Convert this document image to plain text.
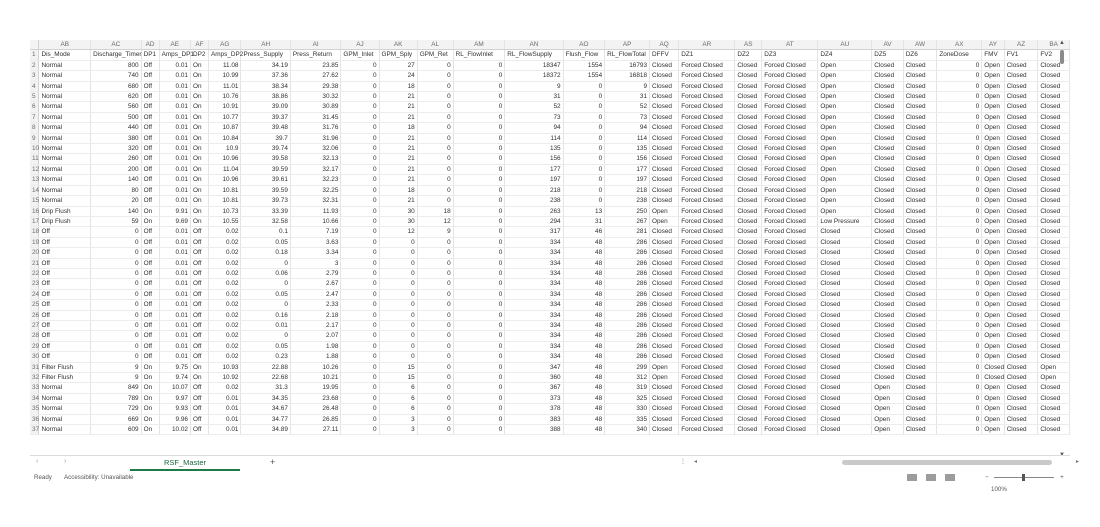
	AB	AC	AD	AE	AF	AG	AH	AI	AJ	AK	AL	AM	AN	AO	AP	AQ	AR	AS	AT	AU	AV	AW	AX	AY	AZ	BA
1	Dis_Mode	Discharge_Timer	DP1	Amps_DP1	DP2	Amps_DP2	Press_Supply	Press_Return	GPM_Inlet	GPM_Sply	GPM_Ret	RL_FlowInlet	RL_FlowSupply	Flush_Flow	RL_FlowTotal	DFFV	DZ1	DZ2	DZ3	DZ4	DZ5	DZ6	ZoneDose	FMV	FV1	FV2
2	Normal	800	Off	0.01	On	11.08	34.19	23.85	0	27	0	0	18347	1554	16793	Closed	Forced Closed	Closed	Forced Closed	Open	Closed	Closed	0	Open	Closed	Closed
3	Normal	740	Off	0.01	On	10.99	37.36	27.62	0	24	0	0	18372	1554	16818	Closed	Forced Closed	Closed	Forced Closed	Open	Closed	Closed	0	Open	Closed	Closed
4	Normal	680	Off	0.01	On	11.01	38.34	29.38	0	18	0	0	9	0	9	Closed	Forced Closed	Closed	Forced Closed	Open	Closed	Closed	0	Open	Closed	Closed
5	Normal	620	Off	0.01	On	10.76	38.86	30.32	0	21	0	0	31	0	31	Closed	Forced Closed	Closed	Forced Closed	Open	Closed	Closed	0	Open	Closed	Closed
6	Normal	560	Off	0.01	On	10.91	39.09	30.89	0	21	0	0	52	0	52	Closed	Forced Closed	Closed	Forced Closed	Open	Closed	Closed	0	Open	Closed	Closed
7	Normal	500	Off	0.01	On	10.77	39.37	31.45	0	21	0	0	73	0	73	Closed	Forced Closed	Closed	Forced Closed	Open	Closed	Closed	0	Open	Closed	Closed
8	Normal	440	Off	0.01	On	10.87	39.48	31.76	0	18	0	0	94	0	94	Closed	Forced Closed	Closed	Forced Closed	Open	Closed	Closed	0	Open	Closed	Closed
9	Normal	380	Off	0.01	On	10.84	39.7	31.96	0	21	0	0	114	0	114	Closed	Forced Closed	Closed	Forced Closed	Open	Closed	Closed	0	Open	Closed	Closed
10	Normal	320	Off	0.01	On	10.9	39.74	32.06	0	21	0	0	135	0	135	Closed	Forced Closed	Closed	Forced Closed	Open	Closed	Closed	0	Open	Closed	Closed
11	Normal	260	Off	0.01	On	10.96	39.58	32.13	0	21	0	0	156	0	156	Closed	Forced Closed	Closed	Forced Closed	Open	Closed	Closed	0	Open	Closed	Closed
12	Normal	200	Off	0.01	On	11.04	39.59	32.17	0	21	0	0	177	0	177	Closed	Forced Closed	Closed	Forced Closed	Open	Closed	Closed	0	Open	Closed	Closed
13	Normal	140	Off	0.01	On	10.96	39.61	32.23	0	21	0	0	197	0	197	Closed	Forced Closed	Closed	Forced Closed	Open	Closed	Closed	0	Open	Closed	Closed
14	Normal	80	Off	0.01	On	10.81	39.59	32.25	0	18	0	0	218	0	218	Closed	Forced Closed	Closed	Forced Closed	Open	Closed	Closed	0	Open	Closed	Closed
15	Normal	20	Off	0.01	On	10.81	39.73	32.31	0	21	0	0	238	0	238	Closed	Forced Closed	Closed	Forced Closed	Open	Closed	Closed	0	Open	Closed	Closed
16	Drip Flush	140	On	9.91	On	10.73	33.39	11.93	0	30	18	0	263	13	250	Open	Forced Closed	Closed	Forced Closed	Open	Closed	Closed	0	Open	Closed	Closed
17	Drip Flush	59	On	9.69	On	10.55	32.58	10.66	0	30	12	0	294	31	267	Open	Forced Closed	Closed	Forced Closed	Low Pressure	Closed	Closed	0	Open	Closed	Closed
18	Off	0	Off	0.01	Off	0.02	0.1	7.19	0	12	9	0	317	46	281	Closed	Forced Closed	Closed	Forced Closed	Closed	Closed	Closed	0	Open	Closed	Closed
19	Off	0	Off	0.01	Off	0.02	0.05	3.63	0	0	0	0	334	48	286	Closed	Forced Closed	Closed	Forced Closed	Closed	Closed	Closed	0	Open	Closed	Closed
20	Off	0	Off	0.01	Off	0.02	0.18	3.34	0	0	0	0	334	48	286	Closed	Forced Closed	Closed	Forced Closed	Closed	Closed	Closed	0	Open	Closed	Closed
21	Off	0	Off	0.01	Off	0.02	0	3	0	0	0	0	334	48	286	Closed	Forced Closed	Closed	Forced Closed	Closed	Closed	Closed	0	Open	Closed	Closed
22	Off	0	Off	0.01	Off	0.02	0.06	2.79	0	0	0	0	334	48	286	Closed	Forced Closed	Closed	Forced Closed	Closed	Closed	Closed	0	Open	Closed	Closed
23	Off	0	Off	0.01	Off	0.02	0	2.67	0	0	0	0	334	48	286	Closed	Forced Closed	Closed	Forced Closed	Closed	Closed	Closed	0	Open	Closed	Closed
24	Off	0	Off	0.01	Off	0.02	0.05	2.47	0	0	0	0	334	48	286	Closed	Forced Closed	Closed	Forced Closed	Closed	Closed	Closed	0	Open	Closed	Closed
25	Off	0	Off	0.01	Off	0.02	0	2.33	0	0	0	0	334	48	286	Closed	Forced Closed	Closed	Forced Closed	Closed	Closed	Closed	0	Open	Closed	Closed
26	Off	0	Off	0.01	Off	0.02	0.16	2.18	0	0	0	0	334	48	286	Closed	Forced Closed	Closed	Forced Closed	Closed	Closed	Closed	0	Open	Closed	Closed
27	Off	0	Off	0.01	Off	0.02	0.01	2.17	0	0	0	0	334	48	286	Closed	Forced Closed	Closed	Forced Closed	Closed	Closed	Closed	0	Open	Closed	Closed
28	Off	0	Off	0.01	Off	0.02	0	2.07	0	0	0	0	334	48	286	Closed	Forced Closed	Closed	Forced Closed	Closed	Closed	Closed	0	Open	Closed	Closed
29	Off	0	Off	0.01	Off	0.02	0.05	1.98	0	0	0	0	334	48	286	Closed	Forced Closed	Closed	Forced Closed	Closed	Closed	Closed	0	Open	Closed	Closed
30	Off	0	Off	0.01	Off	0.02	0.23	1.88	0	0	0	0	334	48	286	Closed	Forced Closed	Closed	Forced Closed	Closed	Closed	Closed	0	Open	Closed	Closed
31	Filter Flush	9	On	9.75	On	10.93	22.88	10.26	0	15	0	0	347	48	299	Open	Forced Closed	Closed	Forced Closed	Closed	Closed	Closed	0	Closed	Closed	Open
32	Filter Flush	9	On	9.74	On	10.92	22.68	10.21	0	15	0	0	360	48	312	Open	Forced Closed	Closed	Forced Closed	Closed	Closed	Closed	0	Closed	Closed	Open
33	Normal	849	On	10.07	Off	0.02	31.3	19.95	0	6	0	0	367	48	319	Closed	Forced Closed	Closed	Forced Closed	Closed	Open	Closed	0	Open	Closed	Closed
34	Normal	789	On	9.97	Off	0.01	34.35	23.68	0	6	0	0	373	48	325	Closed	Forced Closed	Closed	Forced Closed	Closed	Open	Closed	0	Open	Closed	Closed
35	Normal	729	On	9.93	Off	0.01	34.67	26.48	0	6	0	0	378	48	330	Closed	Forced Closed	Closed	Forced Closed	Closed	Open	Closed	0	Open	Closed	Closed
36	Normal	669	On	9.96	Off	0.01	34.77	26.85	0	3	0	0	383	48	335	Closed	Forced Closed	Closed	Forced Closed	Closed	Open	Closed	0	Open	Closed	Closed
37	Normal	609	On	10.02	Off	0.01	34.89	27.11	0	3	0	0	388	48	340	Closed	Forced Closed	Closed	Forced Closed	Closed	Open	Closed	0	Open	Closed	Closed
▲
▼
‹	›	RSF_Master	+	⋮ ◂	▸
Ready Accessibility: Unavailable	−	+ 100%
